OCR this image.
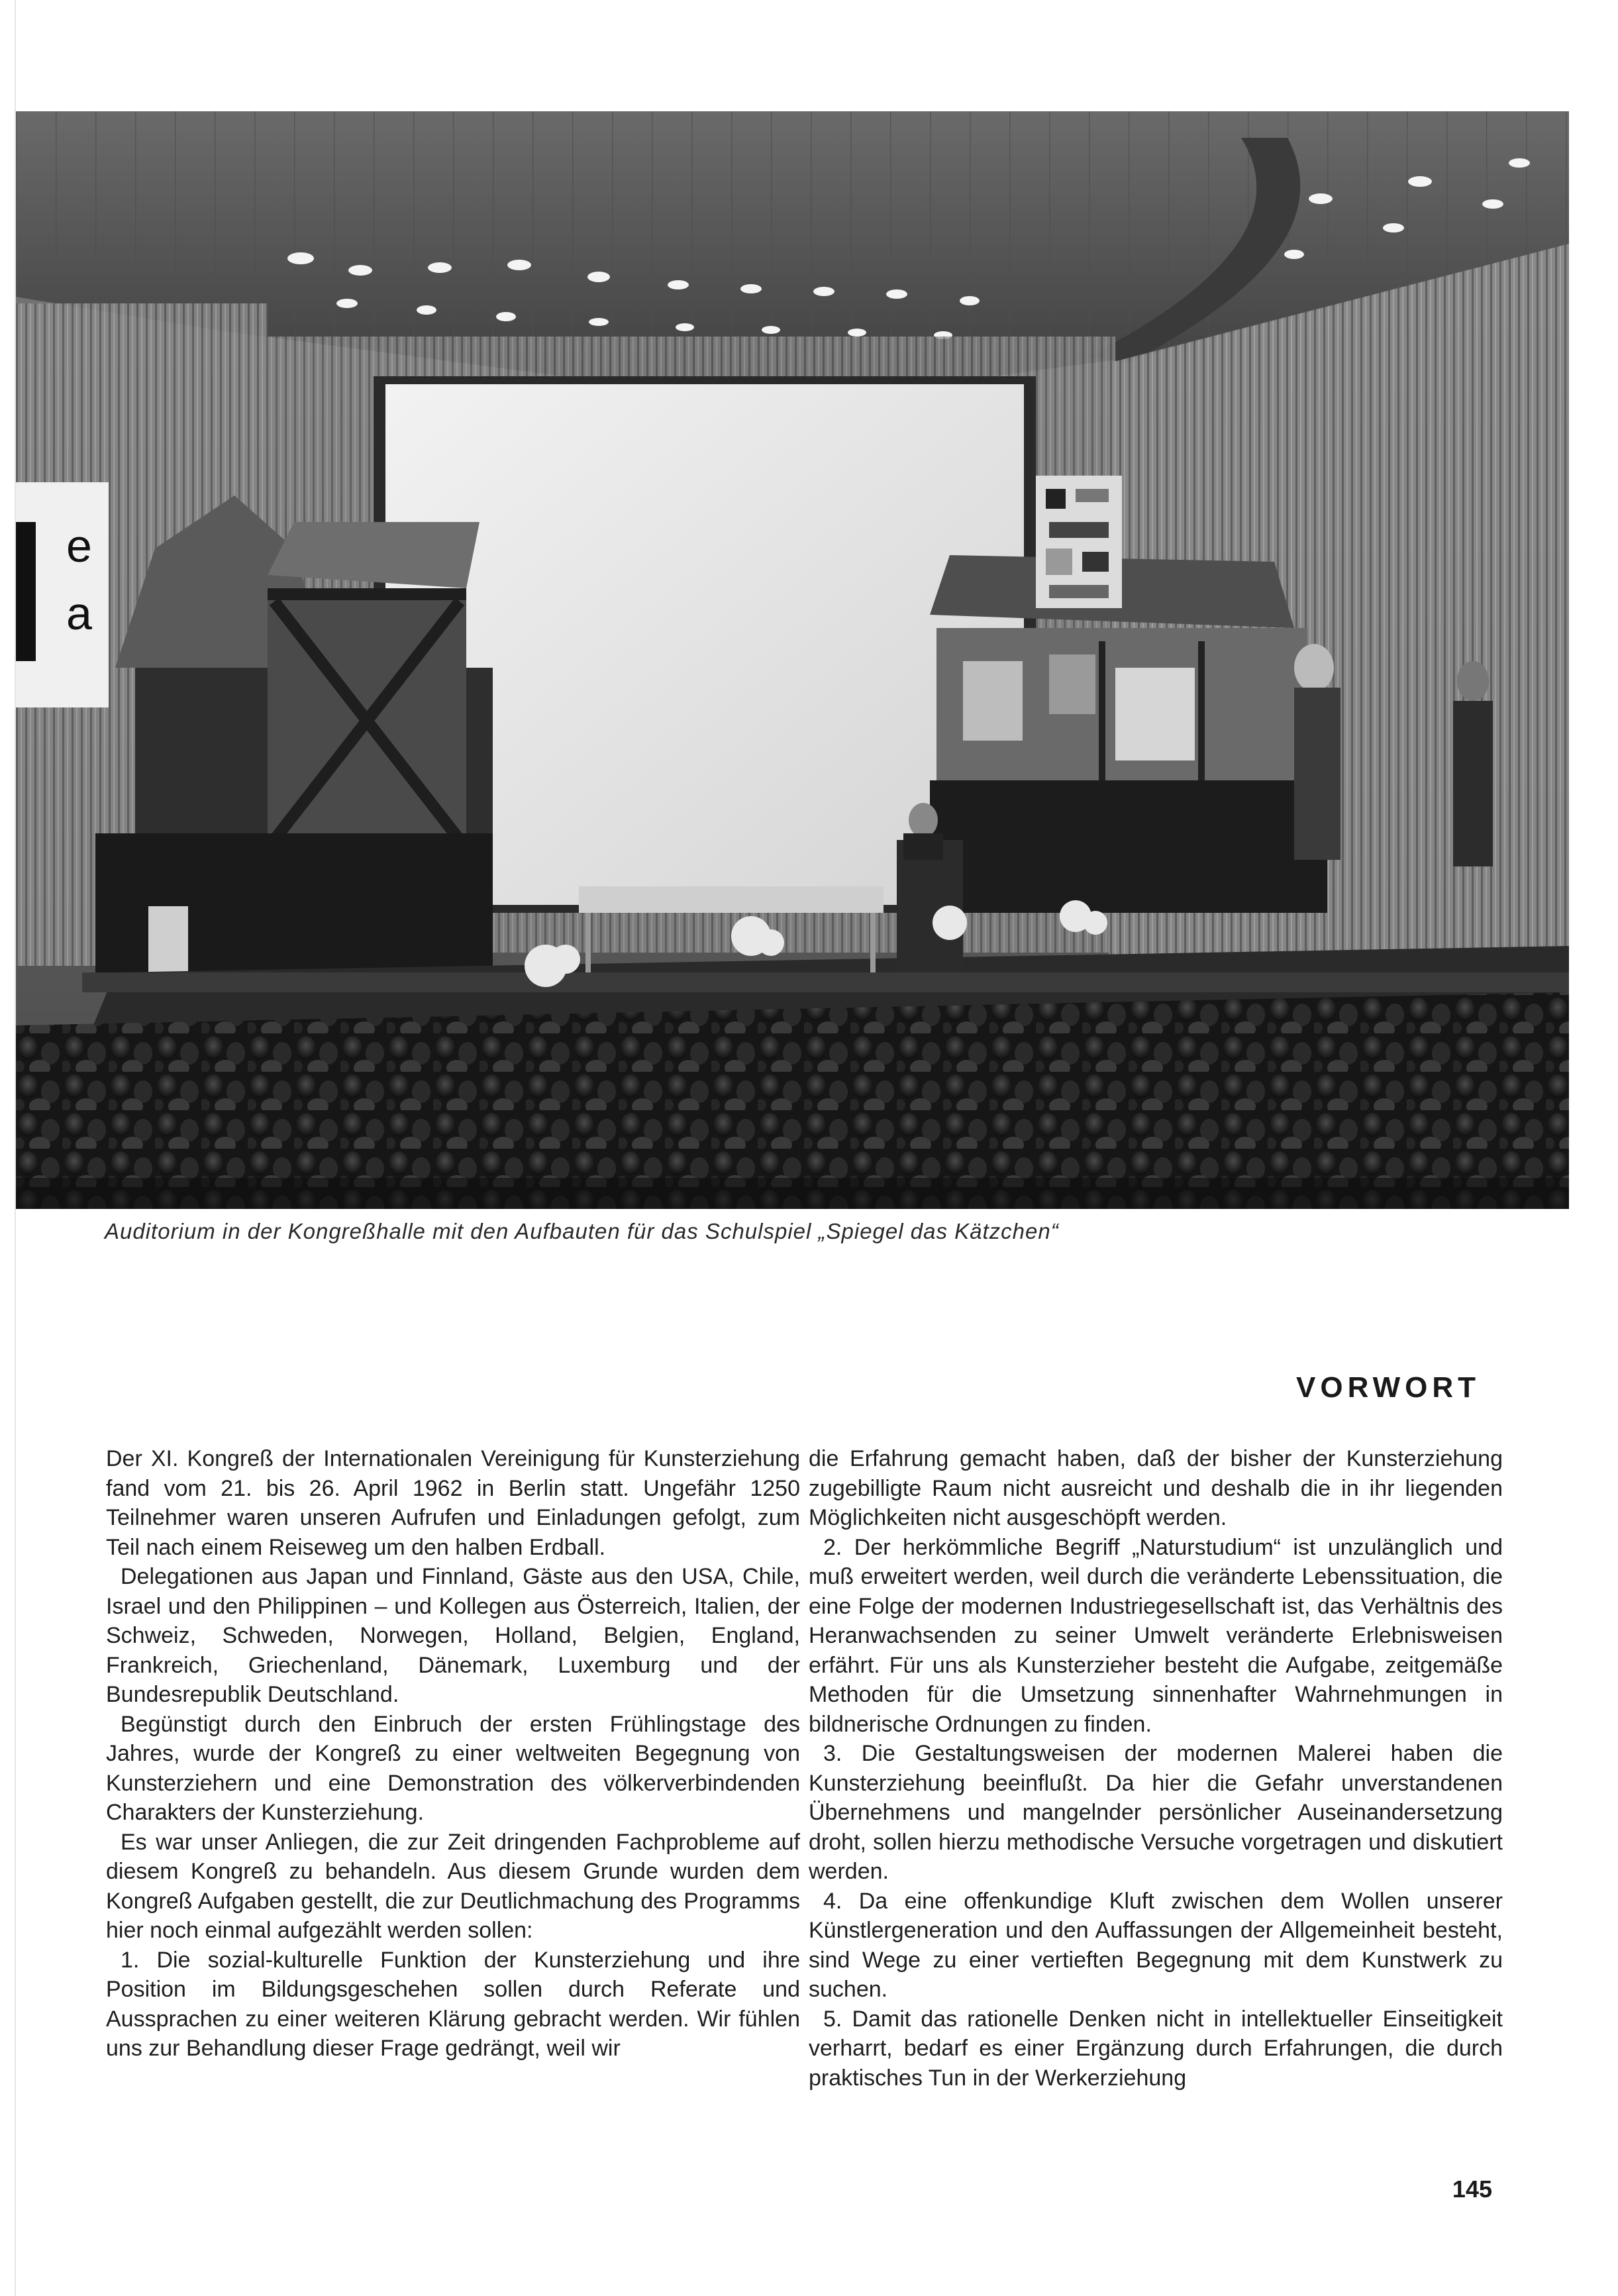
e
a
Auditorium in der Kongreßhalle mit den Aufbauten für das Schulspiel „Spiegel das Kätzchen“
VORWORT

Der XI. Kongreß der Internationalen Vereinigung für Kunsterziehung fand vom 21. bis 26. April 1962 in Berlin statt. Ungefähr 1250 Teilnehmer waren unseren Aufrufen und Einladungen gefolgt, zum Teil nach einem Reiseweg um den halben Erdball.

Delegationen aus Japan und Finnland, Gäste aus den USA, Chile, Israel und den Philippinen – und Kollegen aus Österreich, Italien, der Schweiz, Schweden, Norwegen, Holland, Belgien, England, Frankreich, Griechenland, Dänemark, Luxemburg und der Bundesrepublik Deutschland.

Begünstigt durch den Einbruch der ersten Frühlingstage des Jahres, wurde der Kongreß zu einer weltweiten Begegnung von Kunsterziehern und eine Demonstration des völkerverbindenden Charakters der Kunsterziehung.

Es war unser Anliegen, die zur Zeit dringenden Fachprobleme auf diesem Kongreß zu behandeln. Aus diesem Grunde wurden dem Kongreß Aufgaben gestellt, die zur Deutlichmachung des Programms hier noch einmal aufgezählt werden sollen:

1. Die sozial-kulturelle Funktion der Kunsterziehung und ihre Position im Bildungsgeschehen sollen durch Referate und Aussprachen zu einer weiteren Klärung gebracht werden. Wir fühlen uns zur Behandlung dieser Frage gedrängt, weil wir

die Erfahrung gemacht haben, daß der bisher der Kunsterziehung zugebilligte Raum nicht ausreicht und deshalb die in ihr liegenden Möglichkeiten nicht ausgeschöpft werden.

2. Der herkömmliche Begriff „Naturstudium“ ist unzulänglich und muß erweitert werden, weil durch die veränderte Lebenssituation, die eine Folge der modernen Industriegesellschaft ist, das Verhältnis des Heranwachsenden zu seiner Umwelt veränderte Erlebnisweisen erfährt. Für uns als Kunsterzieher besteht die Aufgabe, zeitgemäße Methoden für die Umsetzung sinnenhafter Wahrnehmungen in bildnerische Ordnungen zu finden.

3. Die Gestaltungsweisen der modernen Malerei haben die Kunsterziehung beeinflußt. Da hier die Gefahr unverstandenen Übernehmens und mangelnder persönlicher Auseinandersetzung droht, sollen hierzu methodische Versuche vorgetragen und diskutiert werden.

4. Da eine offenkundige Kluft zwischen dem Wollen unserer Künstlergeneration und den Auffassungen der Allgemeinheit besteht, sind Wege zu einer vertieften Begegnung mit dem Kunstwerk zu suchen.

5. Damit das rationelle Denken nicht in intellektueller Einseitigkeit verharrt, bedarf es einer Ergänzung durch Erfahrungen, die durch praktisches Tun in der Werkerziehung

145
